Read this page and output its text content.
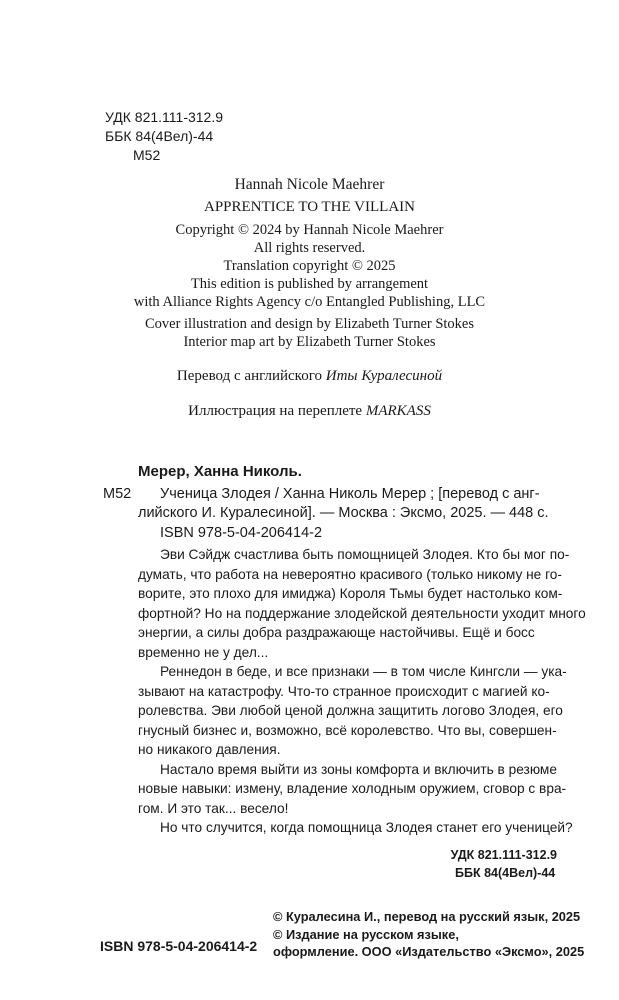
УДК 821.111-312.9
ББК 84(4Вел)-44
М52
Hannah Nicole Maehrer
APPRENTICE TO THE VILLAIN
Copyright © 2024 by Hannah Nicole Maehrer
All rights reserved.
Translation copyright © 2025
This edition is published by arrangement
with Alliance Rights Agency c/o Entangled Publishing, LLC
Cover illustration and design by Elizabeth Turner Stokes
Interior map art by Elizabeth Turner Stokes
Перевод с английского Иты Куралесиной
Иллюстрация на переплете MARKASS
Мерер, Ханна Николь.
М52 Ученица Злодея / Ханна Николь Мерер ; [перевод с анг-
лийского И. Куралесиной]. — Москва : Эксмо, 2025. — 448 с.
ISBN 978-5-04-206414-2
Эви Сэйдж счастлива быть помощницей Злодея. Кто бы мог по-
думать, что работа на невероятно красивого (только никому не го-
ворите, это плохо для имиджа) Короля Тьмы будет настолько ком-
фортной? Но на поддержание злодейской деятельности уходит много
энергии, а силы добра раздражающе настойчивы. Ещё и босс
временно не у дел...
Реннедон в беде, и все признаки — в том числе Кингсли — ука-
зывают на катастрофу. Что-то странное происходит с магией ко-
ролевства. Эви любой ценой должна защитить логово Злодея, его
гнусный бизнес и, возможно, всё королевство. Что вы, совершен-
но никакого давления.
Настало время выйти из зоны комфорта и включить в резюме
новые навыки: измену, владение холодным оружием, сговор с вра-
гом. И это так... весело!
Но что случится, когда помощница Злодея станет его ученицей?
УДК 821.111-312.9
ББК 84(4Вел)-44
© Куралесина И., перевод на русский язык, 2025
© Издание на русском языке,
ISBN 978-5-04-206414-2 оформление. ООО «Издательство «Эксмо», 2025
